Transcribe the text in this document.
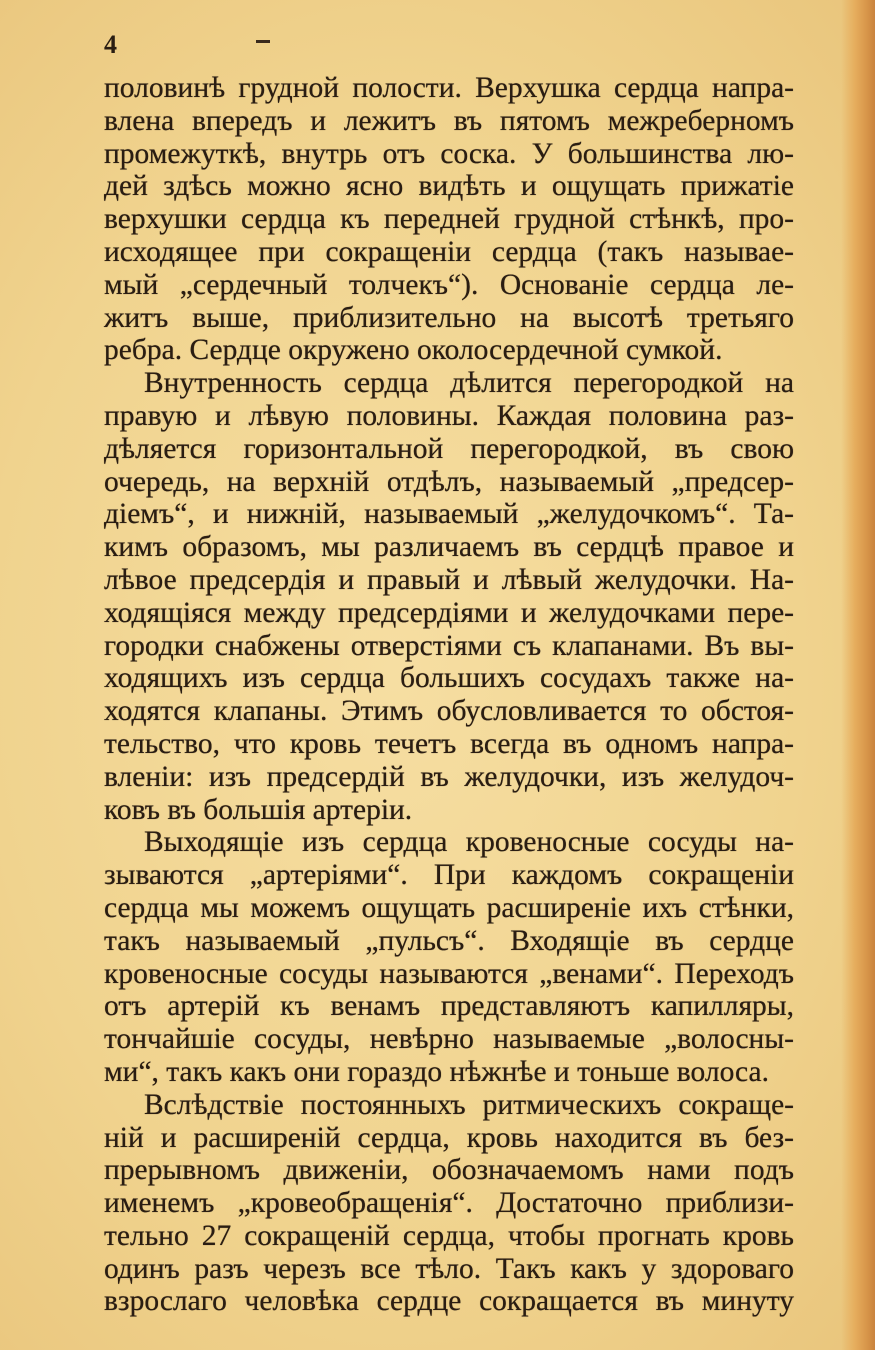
4
половинѣ грудной полости. Верхушка сердца напра-
влена впередъ и лежитъ въ пятомъ межреберномъ
промежуткѣ, внутрь отъ соска. У большинства лю-
дей здѣсь можно ясно видѣть и ощущать прижатіе
верхушки сердца къ передней грудной стѣнкѣ, про-
исходящее при сокращеніи сердца (такъ называе-
мый „сердечный толчекъ“). Основаніе сердца ле-
житъ выше, приблизительно на высотѣ третьяго
ребра. Сердце окружено околосердечной сумкой.
Внутренность сердца дѣлится перегородкой на
правую и лѣвую половины. Каждая половина раз-
дѣляется горизонтальной перегородкой, въ свою
очередь, на верхній отдѣлъ, называемый „предсер-
діемъ“, и нижній, называемый „желудочкомъ“. Та-
кимъ образомъ, мы различаемъ въ сердцѣ правое и
лѣвое предсердія и правый и лѣвый желудочки. На-
ходящіяся между предсердіями и желудочками пере-
городки снабжены отверстіями съ клапанами. Въ вы-
ходящихъ изъ сердца большихъ сосудахъ также на-
ходятся клапаны. Этимъ обусловливается то обстоя-
тельство, что кровь течетъ всегда въ одномъ напра-
вленіи: изъ предсердій въ желудочки, изъ желудоч-
ковъ въ большія артеріи.
Выходящіе изъ сердца кровеносные сосуды на-
зываются „артеріями“. При каждомъ сокращеніи
сердца мы можемъ ощущать расширеніе ихъ стѣнки,
такъ называемый „пульсъ“. Входящіе въ сердце
кровеносные сосуды называются „венами“. Переходъ
отъ артерій къ венамъ представляютъ капилляры,
тончайшіе сосуды, невѣрно называемые „волосны-
ми“, такъ какъ они гораздо нѣжнѣе и тоньше волоса.
Вслѣдствіе постоянныхъ ритмическихъ сокраще-
ній и расширеній сердца, кровь находится въ без-
прерывномъ движеніи, обозначаемомъ нами подъ
именемъ „кровеобращенія“. Достаточно приблизи-
тельно 27 сокращеній сердца, чтобы прогнать кровь
одинъ разъ черезъ все тѣло. Такъ какъ у здороваго
взрослаго человѣка сердце сокращается въ минуту
